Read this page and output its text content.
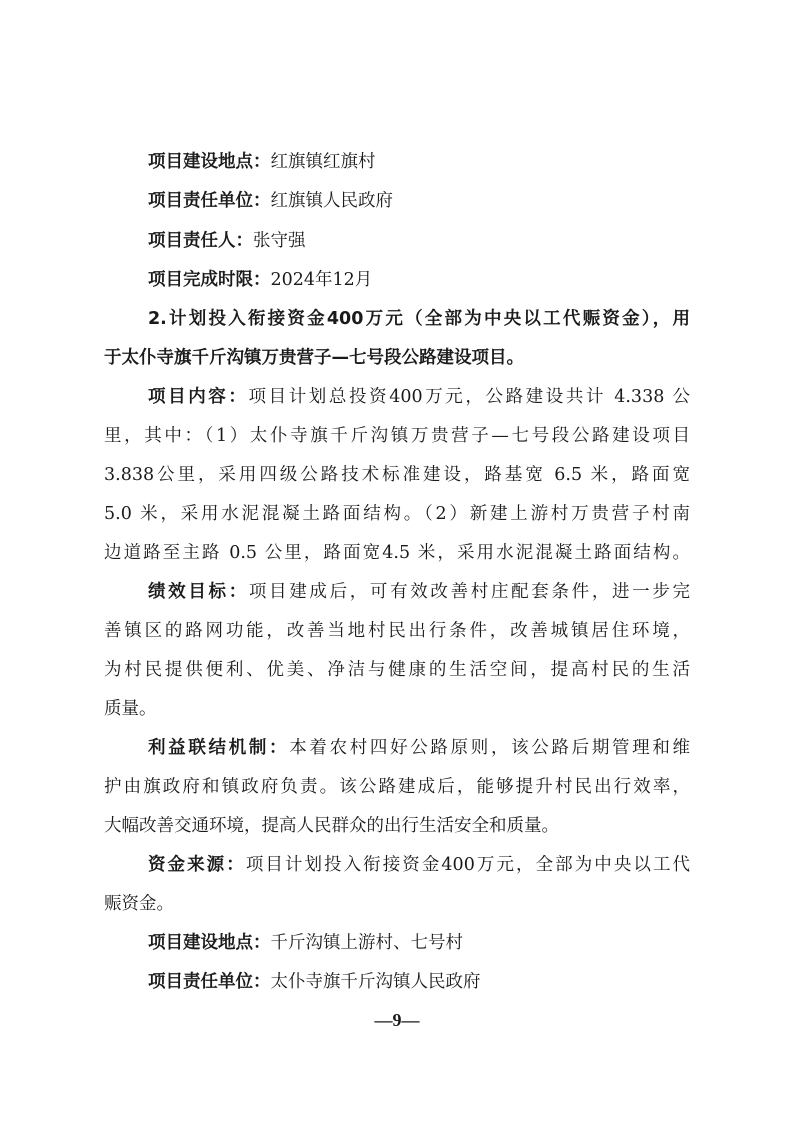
项目建设地点：红旗镇红旗村
项目责任单位：红旗镇人民政府
项目责任人：张守强
项目完成时限：2024年12月
2.计划投入衔接资金400万元（全部为中央以工代赈资金），用
于太仆寺旗千斤沟镇万贵营子—七号段公路建设项目。
项目内容：项目计划总投资400万元，公路建设共计 4.338 公
里，其中：（1）太仆寺旗千斤沟镇万贵营子—七号段公路建设项目
3.838公里，采用四级公路技术标准建设，路基宽 6.5 米，路面宽
5.0 米，采用水泥混凝土路面结构。（2）新建上游村万贵营子村南
边道路至主路 0.5 公里，路面宽4.5 米，采用水泥混凝土路面结构。
绩效目标：项目建成后，可有效改善村庄配套条件，进一步完
善镇区的路网功能，改善当地村民出行条件，改善城镇居住环境，
为村民提供便利、优美、净洁与健康的生活空间，提高村民的生活
质量。
利益联结机制：本着农村四好公路原则，该公路后期管理和维
护由旗政府和镇政府负责。该公路建成后，能够提升村民出行效率，
大幅改善交通环境，提高人民群众的出行生活安全和质量。
资金来源：项目计划投入衔接资金400万元，全部为中央以工代
赈资金。
项目建设地点：千斤沟镇上游村、七号村
项目责任单位：太仆寺旗千斤沟镇人民政府
—9—
